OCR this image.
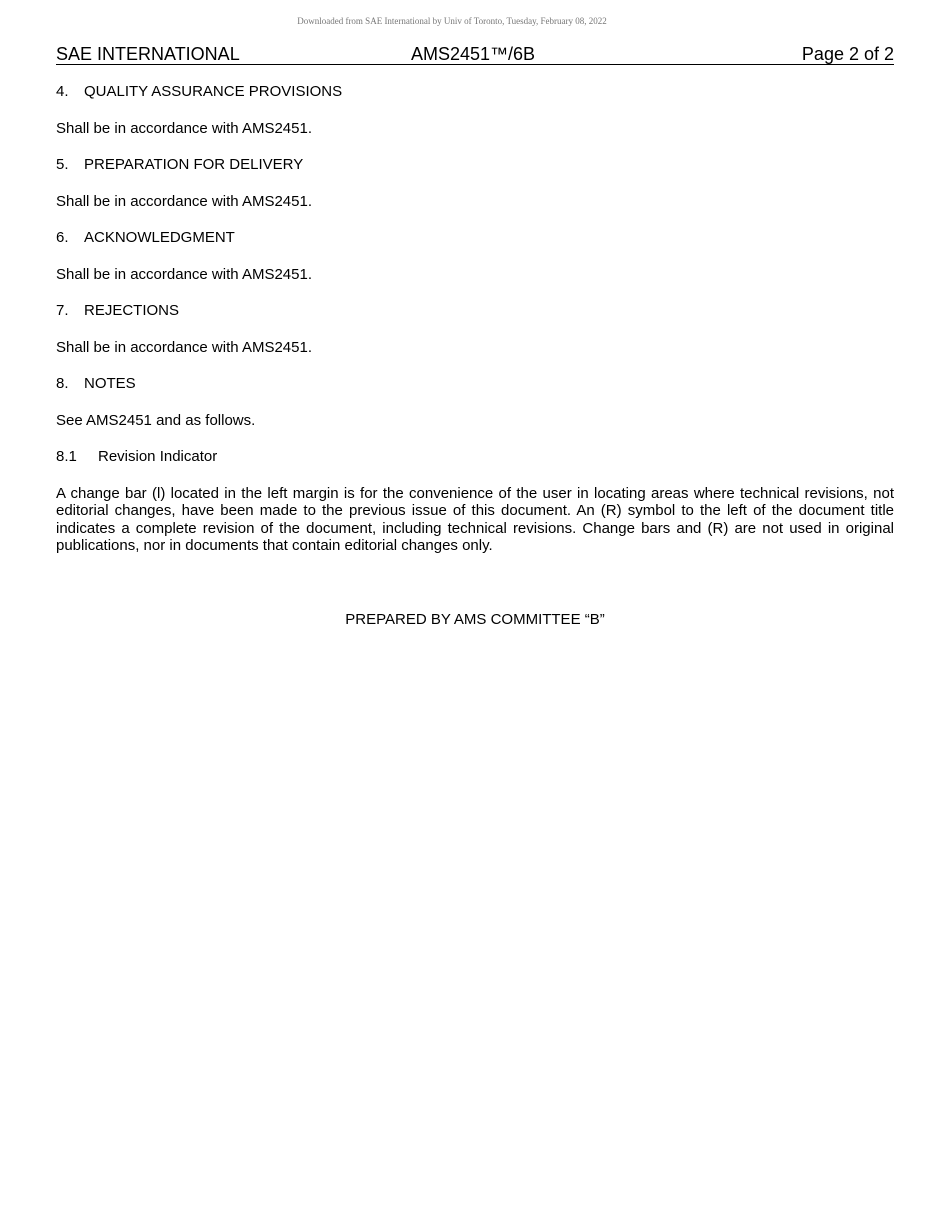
Downloaded from SAE International by Univ of Toronto, Tuesday, February 08, 2022
SAE INTERNATIONAL	AMS2451™/6B	Page 2 of 2
4. QUALITY ASSURANCE PROVISIONS
Shall be in accordance with AMS2451.
5. PREPARATION FOR DELIVERY
Shall be in accordance with AMS2451.
6. ACKNOWLEDGMENT
Shall be in accordance with AMS2451.
7. REJECTIONS
Shall be in accordance with AMS2451.
8. NOTES
See AMS2451 and as follows.
8.1 Revision Indicator
A change bar (l) located in the left margin is for the convenience of the user in locating areas where technical revisions, not editorial changes, have been made to the previous issue of this document. An (R) symbol to the left of the document title indicates a complete revision of the document, including technical revisions. Change bars and (R) are not used in original publications, nor in documents that contain editorial changes only.
PREPARED BY AMS COMMITTEE “B”
